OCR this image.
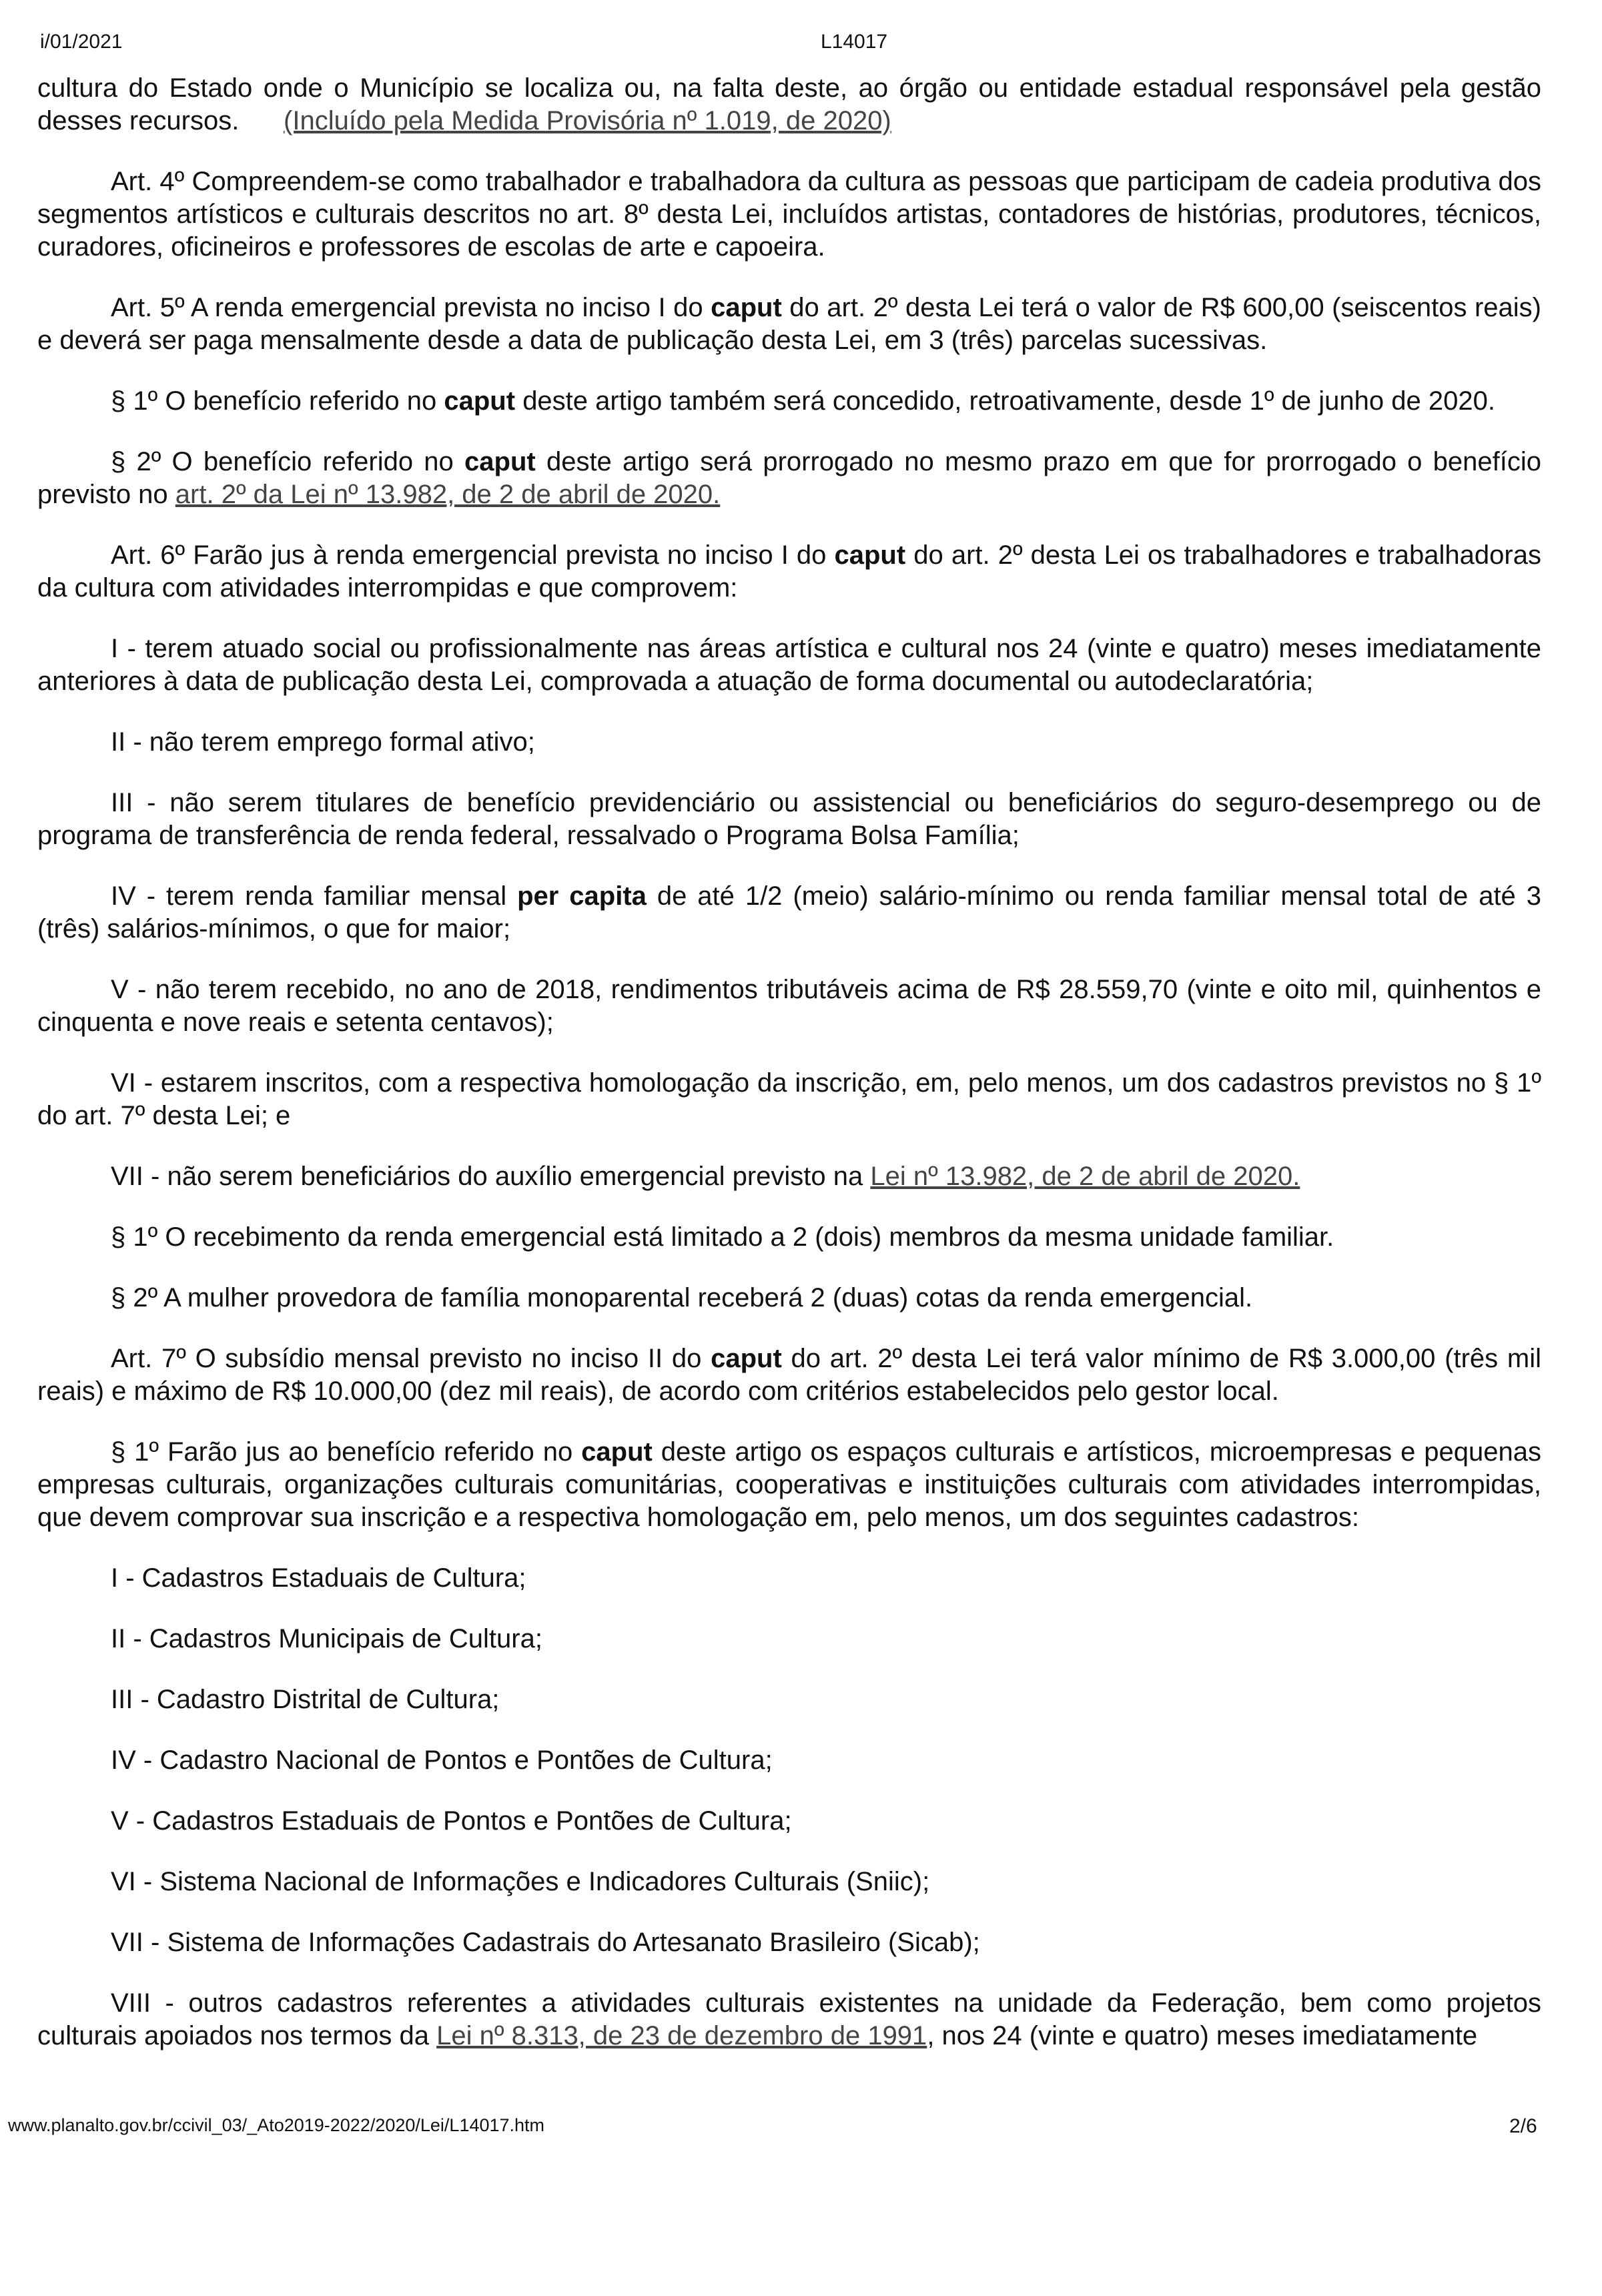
i/01/2021	L14017

cultura do Estado onde o Município se localiza ou, na falta deste, ao órgão ou entidade estadual responsável pela gestão desses recursos. (Incluído pela Medida Provisória nº 1.019, de 2020)

Art. 4º Compreendem-se como trabalhador e trabalhadora da cultura as pessoas que participam de cadeia produtiva dos segmentos artísticos e culturais descritos no art. 8º desta Lei, incluídos artistas, contadores de histórias, produtores, técnicos, curadores, oficineiros e professores de escolas de arte e capoeira.

Art. 5º A renda emergencial prevista no inciso I do caput do art. 2º desta Lei terá o valor de R$ 600,00 (seiscentos reais) e deverá ser paga mensalmente desde a data de publicação desta Lei, em 3 (três) parcelas sucessivas.

§ 1º O benefício referido no caput deste artigo também será concedido, retroativamente, desde 1º de junho de 2020.

§ 2º O benefício referido no caput deste artigo será prorrogado no mesmo prazo em que for prorrogado o benefício previsto no art. 2º da Lei nº 13.982, de 2 de abril de 2020.

Art. 6º Farão jus à renda emergencial prevista no inciso I do caput do art. 2º desta Lei os trabalhadores e trabalhadoras da cultura com atividades interrompidas e que comprovem:

I - terem atuado social ou profissionalmente nas áreas artística e cultural nos 24 (vinte e quatro) meses imediatamente anteriores à data de publicação desta Lei, comprovada a atuação de forma documental ou autodeclaratória;

II - não terem emprego formal ativo;

III - não serem titulares de benefício previdenciário ou assistencial ou beneficiários do seguro-desemprego ou de programa de transferência de renda federal, ressalvado o Programa Bolsa Família;

IV - terem renda familiar mensal per capita de até 1/2 (meio) salário-mínimo ou renda familiar mensal total de até 3 (três) salários-mínimos, o que for maior;

V - não terem recebido, no ano de 2018, rendimentos tributáveis acima de R$ 28.559,70 (vinte e oito mil, quinhentos e cinquenta e nove reais e setenta centavos);

VI - estarem inscritos, com a respectiva homologação da inscrição, em, pelo menos, um dos cadastros previstos no § 1º do art. 7º desta Lei; e

VII - não serem beneficiários do auxílio emergencial previsto na Lei nº 13.982, de 2 de abril de 2020.

§ 1º O recebimento da renda emergencial está limitado a 2 (dois) membros da mesma unidade familiar.

§ 2º A mulher provedora de família monoparental receberá 2 (duas) cotas da renda emergencial.

Art. 7º O subsídio mensal previsto no inciso II do caput do art. 2º desta Lei terá valor mínimo de R$ 3.000,00 (três mil reais) e máximo de R$ 10.000,00 (dez mil reais), de acordo com critérios estabelecidos pelo gestor local.

§ 1º Farão jus ao benefício referido no caput deste artigo os espaços culturais e artísticos, microempresas e pequenas empresas culturais, organizações culturais comunitárias, cooperativas e instituições culturais com atividades interrompidas, que devem comprovar sua inscrição e a respectiva homologação em, pelo menos, um dos seguintes cadastros:

I - Cadastros Estaduais de Cultura;

II - Cadastros Municipais de Cultura;

III - Cadastro Distrital de Cultura;

IV - Cadastro Nacional de Pontos e Pontões de Cultura;

V - Cadastros Estaduais de Pontos e Pontões de Cultura;

VI - Sistema Nacional de Informações e Indicadores Culturais (Sniic);

VII - Sistema de Informações Cadastrais do Artesanato Brasileiro (Sicab);

VIII - outros cadastros referentes a atividades culturais existentes na unidade da Federação, bem como projetos culturais apoiados nos termos da Lei nº 8.313, de 23 de dezembro de 1991, nos 24 (vinte e quatro) meses imediatamente

www.planalto.gov.br/ccivil_03/_Ato2019-2022/2020/Lei/L14017.htm	2/6
